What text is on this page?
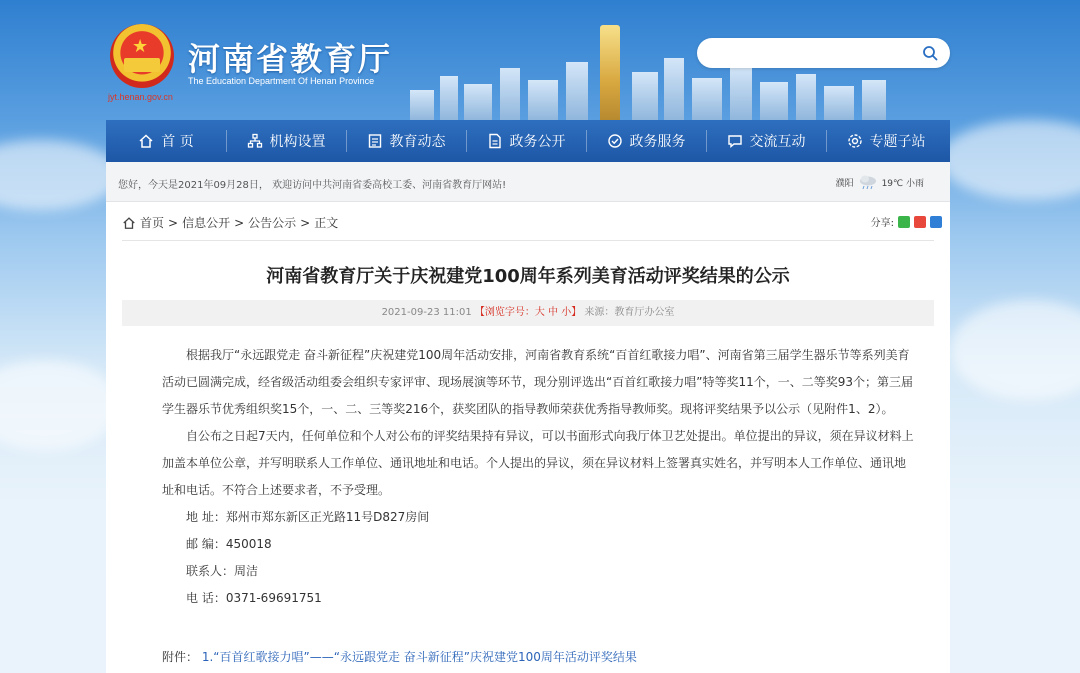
★
jyt.henan.gov.cn
河南省教育厅
The Education Department Of Henan Province
首 页	机构设置	教育动态	政务公开	政务服务	交流互动	专题子站
您好，今天是2021年09月28日， 欢迎访问中共河南省委高校工委、河南省教育厅网站!	濮阳	19℃ 小雨
首页 > 信息公开 > 公告公示 > 正文	分享:
河南省教育厅关于庆祝建党100周年系列美育活动评奖结果的公示
2021-09-23 11:01 【浏览字号：大 中 小】 来源：教育厅办公室

根据我厅“永远跟党走 奋斗新征程”庆祝建党100周年活动安排，河南省教育系统“百首红歌接力唱”、河南省第三届学生器乐节等系列美育活动已圆满完成，经省级活动组委会组织专家评审、现场展演等环节，现分别评选出“百首红歌接力唱”特等奖11个，一、二等奖93个；第三届学生器乐节优秀组织奖15个，一、二、三等奖216个，获奖团队的指导教师荣获优秀指导教师奖。现将评奖结果予以公示（见附件1、2）。

自公布之日起7天内，任何单位和个人对公布的评奖结果持有异议，可以书面形式向我厅体卫艺处提出。单位提出的异议，须在异议材料上加盖本单位公章，并写明联系人工作单位、通讯地址和电话。个人提出的异议，须在异议材料上签署真实姓名，并写明本人工作单位、通讯地址和电话。不符合上述要求者，不予受理。

地 址：郑州市郑东新区正光路11号D827房间

邮 编：450018

联系人：周洁

电 话：0371-69691751

附件： 1.“百首红歌接力唱”——“永远跟党走 奋斗新征程”庆祝建党100周年活动评奖结果
